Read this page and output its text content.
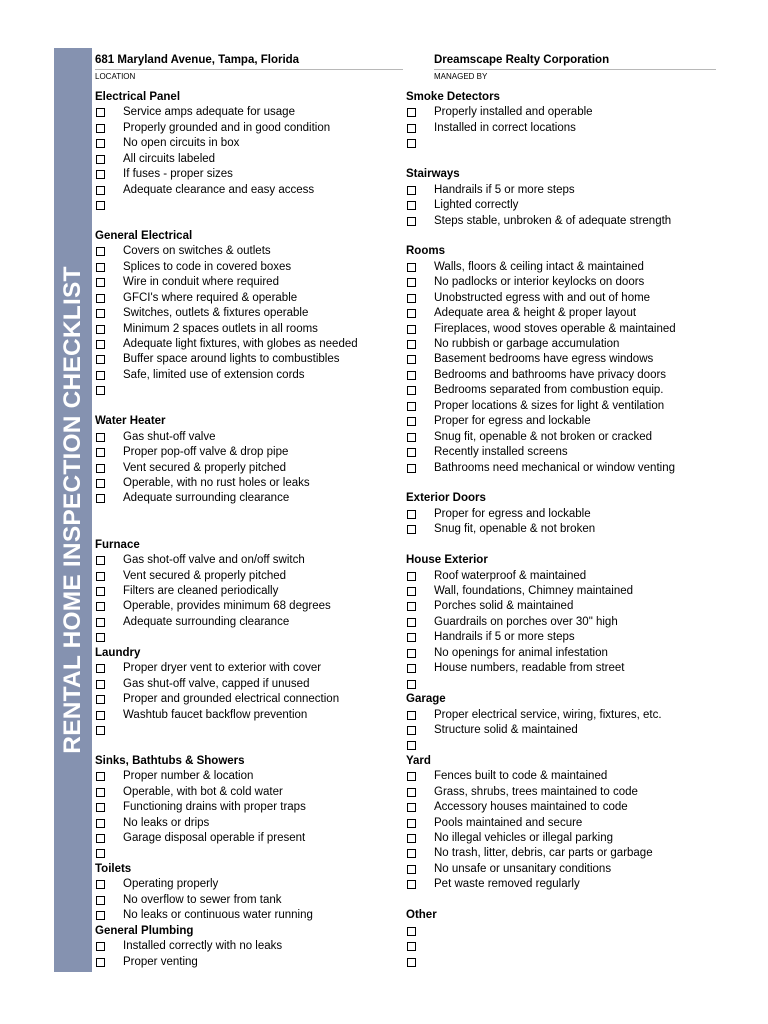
RENTAL HOME INSPECTION CHECKLIST
681 Maryland Avenue, Tampa, Florida
LOCATION
Dreamscape Realty Corporation
MANAGED BY
Electrical Panel
Service amps adequate for usage
Properly grounded and in good condition
No open circuits in box
All circuits labeled
If fuses - proper sizes
Adequate clearance and easy access
General Electrical
Covers on switches & outlets
Splices to code in covered boxes
Wire in conduit where required
GFCI's where required & operable
Switches, outlets & fixtures operable
Minimum 2 spaces outlets in all rooms
Adequate light fixtures, with globes as needed
Buffer space around lights to combustibles
Safe, limited use of extension cords
Water Heater
Gas shut-off valve
Proper pop-off valve & drop pipe
Vent secured & properly pitched
Operable, with no rust holes or leaks
Adequate surrounding clearance
Furnace
Gas shot-off valve and on/off switch
Vent secured & properly pitched
Filters are cleaned periodically
Operable, provides minimum 68 degrees
Adequate surrounding clearance
Laundry
Proper dryer vent to exterior with cover
Gas shut-off valve, capped if unused
Proper and grounded electrical connection
Washtub faucet backflow prevention
Sinks, Bathtubs & Showers
Proper number & location
Operable, with bot & cold water
Functioning drains with proper traps
No leaks or drips
Garage disposal operable if present
Toilets
Operating properly
No overflow to sewer from tank
No leaks or continuous water running
General Plumbing
Installed correctly with no leaks
Proper venting
Smoke Detectors
Properly installed and operable
Installed in correct locations
Stairways
Handrails if 5 or more steps
Lighted correctly
Steps stable, unbroken & of adequate strength
Rooms
Walls, floors & ceiling intact & maintained
No padlocks or interior keylocks on doors
Unobstructed egress with and out of home
Adequate area & height & proper layout
Fireplaces, wood stoves operable & maintained
No rubbish or garbage accumulation
Basement bedrooms have egress windows
Bedrooms and bathrooms have privacy doors
Bedrooms separated from combustion equip.
Proper locations & sizes for light & ventilation
Proper for egress and lockable
Snug fit, openable & not broken or cracked
Recently installed screens
Bathrooms need mechanical or window venting
Exterior Doors
Proper for egress and lockable
Snug fit, openable & not broken
House Exterior
Roof waterproof & maintained
Wall, foundations, Chimney maintained
Porches solid & maintained
Guardrails on porches over 30" high
Handrails if 5 or more steps
No openings for animal infestation
House numbers, readable from street
Garage
Proper electrical service, wiring, fixtures, etc.
Structure solid & maintained
Yard
Fences built to code & maintained
Grass, shrubs, trees maintained to code
Accessory houses maintained to code
Pools maintained and secure
No illegal vehicles or illegal parking
No trash, litter, debris, car parts or garbage
No unsafe or unsanitary conditions
Pet waste removed regularly
Other
